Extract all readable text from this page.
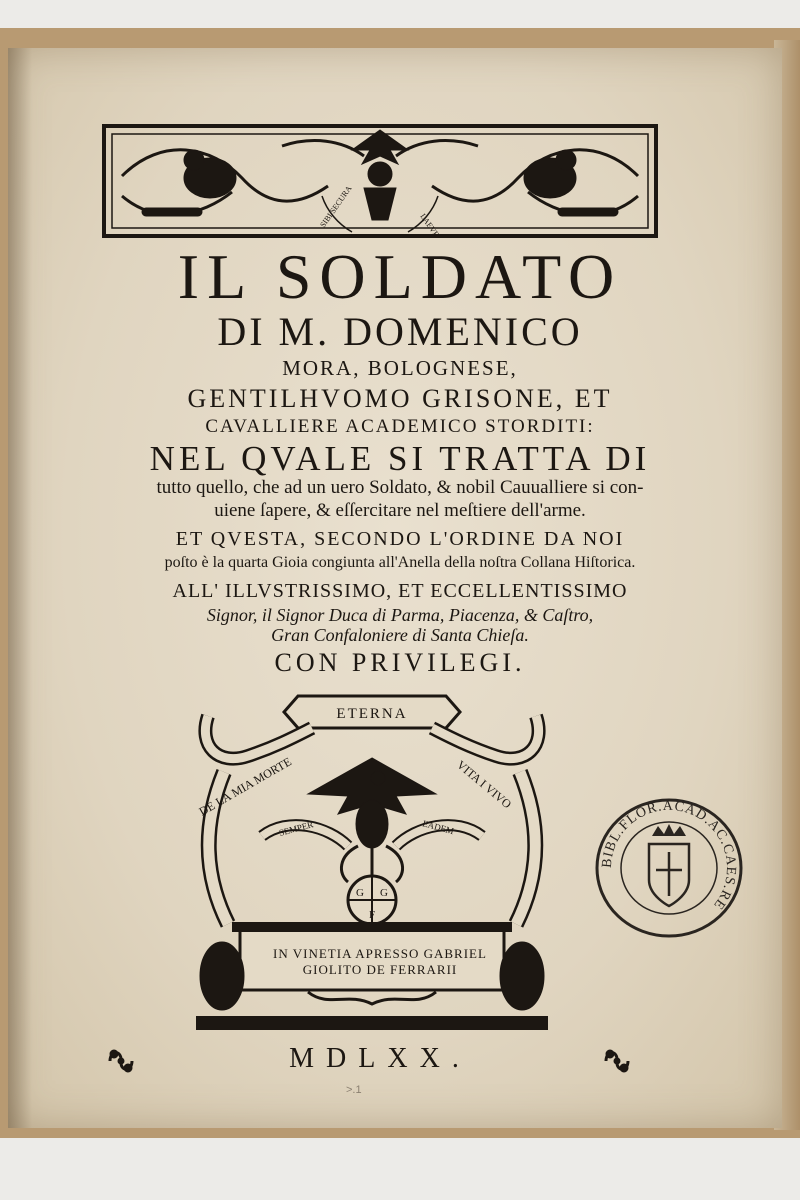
SIBI SECURA	LAEVE

IL SOLDATO

DI M. DOMENICO

MORA, BOLOGNESE,

GENTILHVOMO GRISONE, ET

CAVALLIERE ACADEMICO STORDITI:

NEL QVALE SI TRATTA DI

tutto quello, che ad un uero Soldato, & nobil Cauualliere si con-

uiene ſapere, & eſſercitare nel meſtiere dell'arme.

ET QVESTA, SECONDO L'ORDINE DA NOI

poſto è la quarta Gioia congiunta all'Anella della noſtra Collana Hiſtorica.

ALL' ILLVSTRISSIMO, ET ECCELLENTISSIMO

Signor, il Signor Duca di Parma, Piacenza, & Caſtro,

Gran Confaloniere di Santa Chieſa.

CON PRIVILEGI.

ETERNA
DE LA MIA MORTE	VITA I VIVO
SEMPER	EADEM
G G
F
IN VINETIA APRESSO GABRIEL
GIOLITO DE FERRARII
BIBL.FLOR.ACAD.AC.CAES.RE
MDLXX.
>.1
